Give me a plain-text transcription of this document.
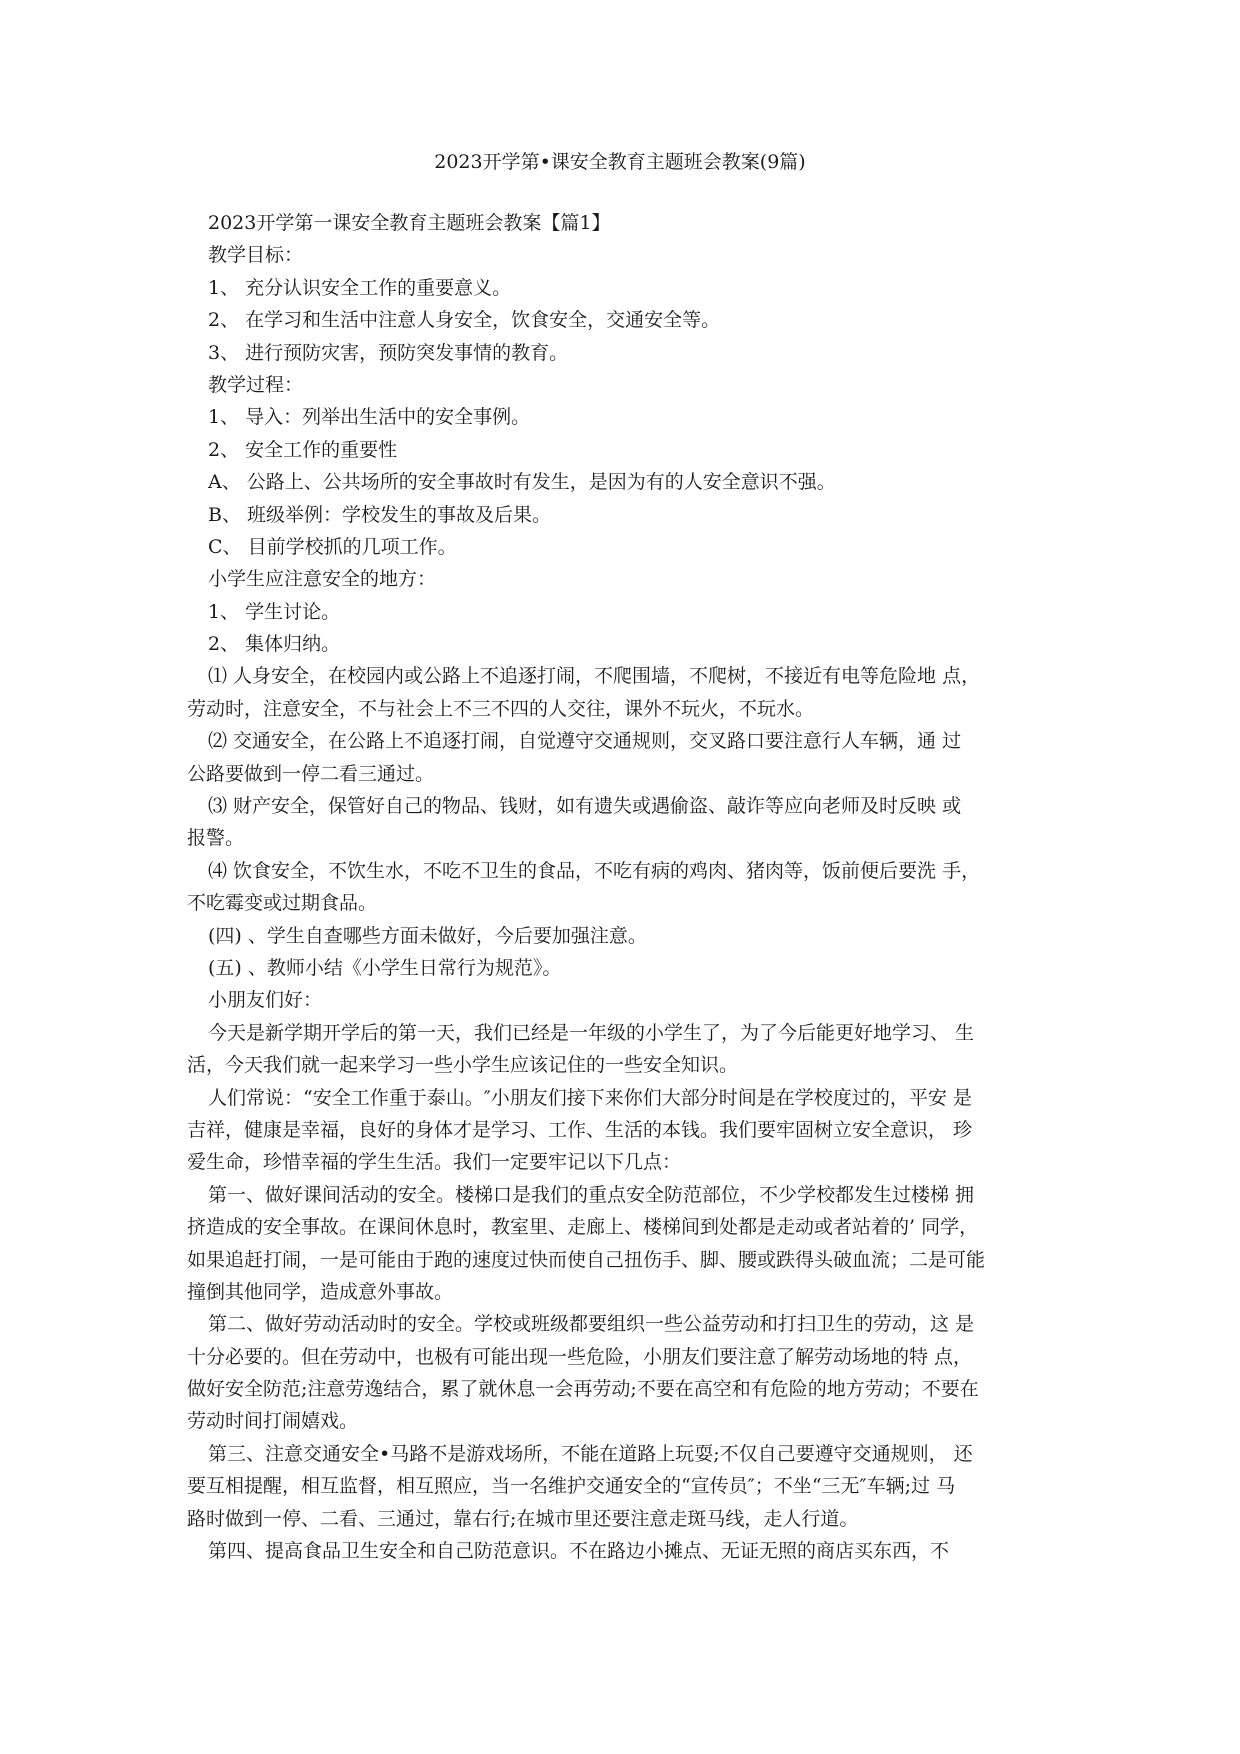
2023开学第•课安全教育主题班会教案(9篇)
2023开学第一课安全教育主题班会教案【篇1】
教学目标：
1、 充分认识安全工作的重要意义。
2、 在学习和生活中注意人身安全，饮食安全，交通安全等。
3、 进行预防灾害，预防突发事情的教育。
教学过程：
1、 导入：列举出生活中的安全事例。
2、 安全工作的重要性
A、 公路上、公共场所的安全事故时有发生，是因为有的人安全意识不强。
B、 班级举例：学校发生的事故及后果。
C、 目前学校抓的几项工作。
小学生应注意安全的地方：
1、 学生讨论。
2、 集体归纳。
⑴ 人身安全，在校园内或公路上不追逐打闹，不爬围墙，不爬树，不接近有电等危险地 点，
劳动时，注意安全，不与社会上不三不四的人交往，课外不玩火，不玩水。
⑵ 交通安全，在公路上不追逐打闹，自觉遵守交通规则，交叉路口要注意行人车辆，通 过
公路要做到一停二看三通过。
⑶ 财产安全，保管好自己的物品、钱财，如有遗失或遇偷盗、敲诈等应向老师及时反映 或
报警。
⑷ 饮食安全，不饮生水，不吃不卫生的食品，不吃有病的鸡肉、猪肉等，饭前便后要洗 手，
不吃霉变或过期食品。
(四) 、学生自查哪些方面未做好，今后要加强注意。
(五) 、教师小结《小学生日常行为规范》。
小朋友们好：
今天是新学期开学后的第一天，我们已经是一年级的小学生了，为了今后能更好地学习、 生
活，今天我们就一起来学习一些小学生应该记住的一些安全知识。
人们常说：“安全工作重于泰山。″小朋友们接下来你们大部分时间是在学校度过的，平安 是
吉祥，健康是幸福，良好的身体才是学习、工作、生活的本钱。我们要牢固树立安全意识， 珍
爱生命，珍惜幸福的学生生活。我们一定要牢记以下几点：
第一、做好课间活动的安全。楼梯口是我们的重点安全防范部位，不少学校都发生过楼梯 拥
挤造成的安全事故。在课间休息时，教室里、走廊上、楼梯间到处都是走动或者站着的’ 同学，
如果追赶打闹，一是可能由于跑的速度过快而使自己扭伤手、脚、腰或跌得头破血流；二是可能
撞倒其他同学，造成意外事故。
第二、做好劳动活动时的安全。学校或班级都要组织一些公益劳动和打扫卫生的劳动，这 是
十分必要的。但在劳动中，也极有可能出现一些危险，小朋友们要注意了解劳动场地的特 点，
做好安全防范;注意劳逸结合，累了就休息一会再劳动;不要在高空和有危险的地方劳动；不要在
劳动时间打闹嬉戏。
第三、注意交通安全•马路不是游戏场所，不能在道路上玩耍;不仅自己要遵守交通规则， 还
要互相提醒，相互监督，相互照应，当一名维护交通安全的“宣传员″；不坐“三无″车辆;过 马
路时做到一停、二看、三通过，靠右行;在城市里还要注意走斑马线，走人行道。
第四、提高食品卫生安全和自己防范意识。不在路边小摊点、无证无照的商店买东西，不
